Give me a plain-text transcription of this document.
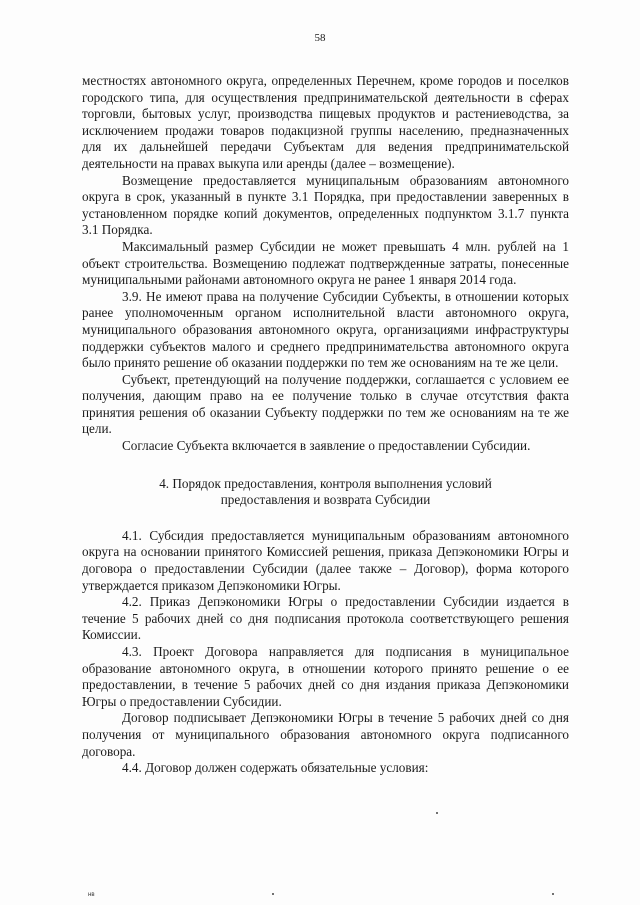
58

местностях автономного округа, определенных Перечнем, кроме городов и поселков городского типа, для осуществления предпринимательской деятельности в сферах торговли, бытовых услуг, производства пищевых продуктов и растениеводства, за исключением продажи товаров подакцизной группы населению, предназначенных для их дальнейшей передачи Субъектам для ведения предпринимательской деятельности на правах выкупа или аренды (далее – возмещение).

Возмещение предоставляется муниципальным образованиям автономного округа в срок, указанный в пункте 3.1 Порядка, при предоставлении заверенных в установленном порядке копий документов, определенных подпунктом 3.1.7 пункта 3.1 Порядка.

Максимальный размер Субсидии не может превышать 4 млн. рублей на 1 объект строительства. Возмещению подлежат подтвержденные затраты, понесенные муниципальными районами автономного округа не ранее 1 января 2014 года.

3.9. Не имеют права на получение Субсидии Субъекты, в отношении которых ранее уполномоченным органом исполнительной власти автономного округа, муниципального образования автономного округа, организациями инфраструктуры поддержки субъектов малого и среднего предпринимательства автономного округа было принято решение об оказании поддержки по тем же основаниям на те же цели.

Субъект, претендующий на получение поддержки, соглашается с условием ее получения, дающим право на ее получение только в случае отсутствия факта принятия решения об оказании Субъекту поддержки по тем же основаниям на те же цели.

Согласие Субъекта включается в заявление о предоставлении Субсидии.

4. Порядок предоставления, контроля выполнения условий предоставления и возврата Субсидии

4.1. Субсидия предоставляется муниципальным образованиям автономного округа на основании принятого Комиссией решения, приказа Депэкономики Югры и договора о предоставлении Субсидии (далее также – Договор), форма которого утверждается приказом Депэкономики Югры.

4.2. Приказ Депэкономики Югры о предоставлении Субсидии издается в течение 5 рабочих дней со дня подписания протокола соответствующего решения Комиссии.

4.3. Проект Договора направляется для подписания в муниципальное образование автономного округа, в отношении которого принято решение о ее предоставлении, в течение 5 рабочих дней со дня издания приказа Депэкономики Югры о предоставлении Субсидии.

Договор подписывает Депэкономики Югры в течение 5 рабочих дней со дня получения от муниципального образования автономного округа подписанного договора.

4.4. Договор должен содержать обязательные условия:

нв
